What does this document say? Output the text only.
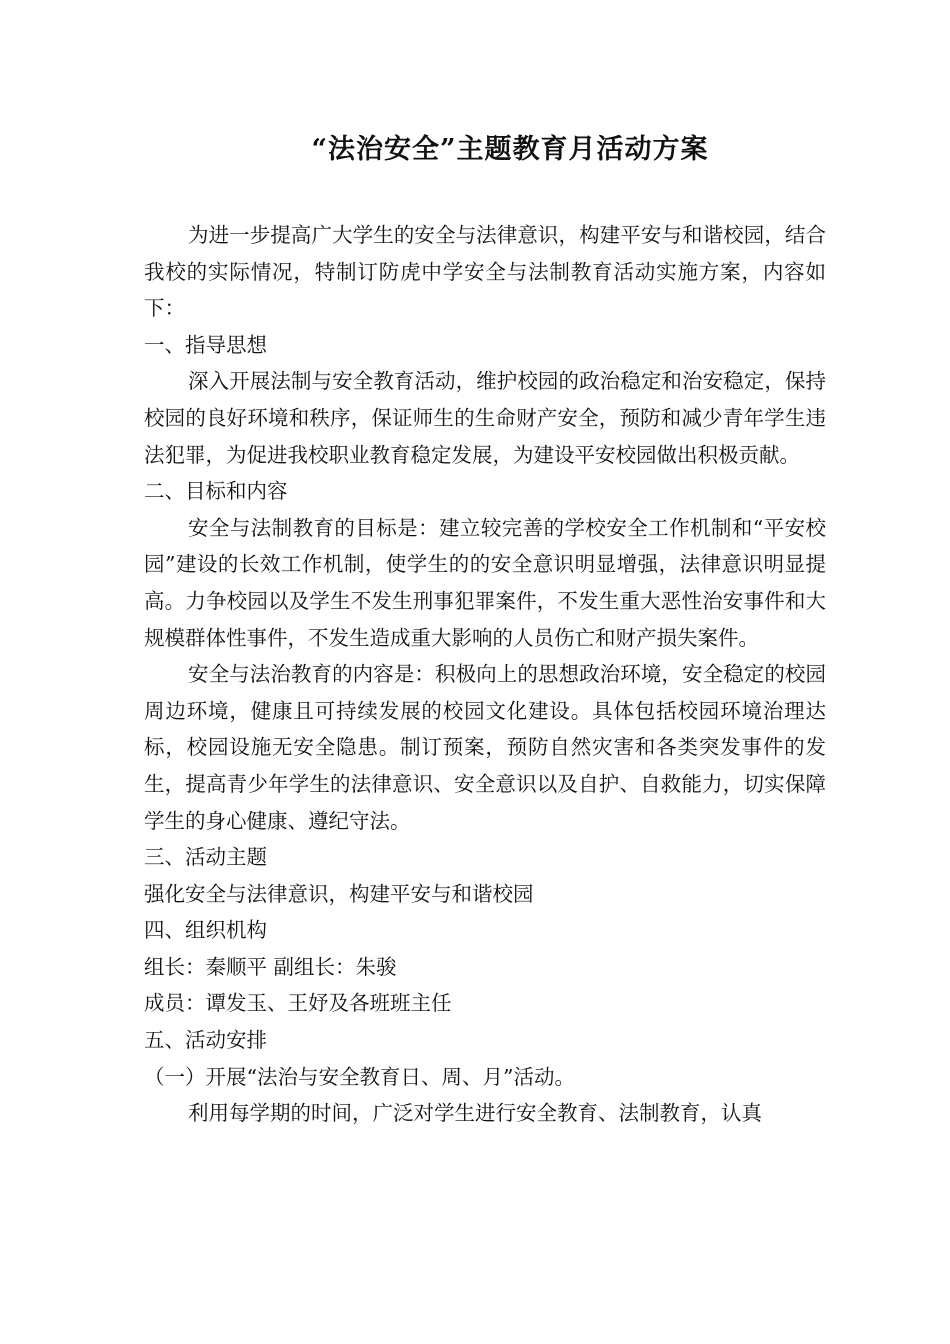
“法治安全”主题教育月活动方案

为进一步提高广大学生的安全与法律意识，构建平安与和谐校园，结合我校的实际情况，特制订防虎中学安全与法制教育活动实施方案，内容如下：

一、指导思想

深入开展法制与安全教育活动，维护校园的政治稳定和治安稳定，保持校园的良好环境和秩序，保证师生的生命财产安全，预防和减少青年学生违法犯罪，为促进我校职业教育稳定发展，为建设平安校园做出积极贡献。

二、目标和内容

安全与法制教育的目标是：建立较完善的学校安全工作机制和“平安校园”建设的长效工作机制，使学生的的安全意识明显增强，法律意识明显提高。力争校园以及学生不发生刑事犯罪案件，不发生重大恶性治安事件和大规模群体性事件，不发生造成重大影响的人员伤亡和财产损失案件。

安全与法治教育的内容是：积极向上的思想政治环境，安全稳定的校园周边环境，健康且可持续发展的校园文化建设。具体包括校园环境治理达标，校园设施无安全隐患。制订预案，预防自然灾害和各类突发事件的发生，提高青少年学生的法律意识、安全意识以及自护、自救能力，切实保障学生的身心健康、遵纪守法。

三、活动主题

强化安全与法律意识，构建平安与和谐校园

四、组织机构

组长：秦顺平 副组长：朱骏

成员：谭发玉、王妤及各班班主任

五、活动安排

（一）开展“法治与安全教育日、周、月”活动。

利用每学期的时间，广泛对学生进行安全教育、法制教育，认真
